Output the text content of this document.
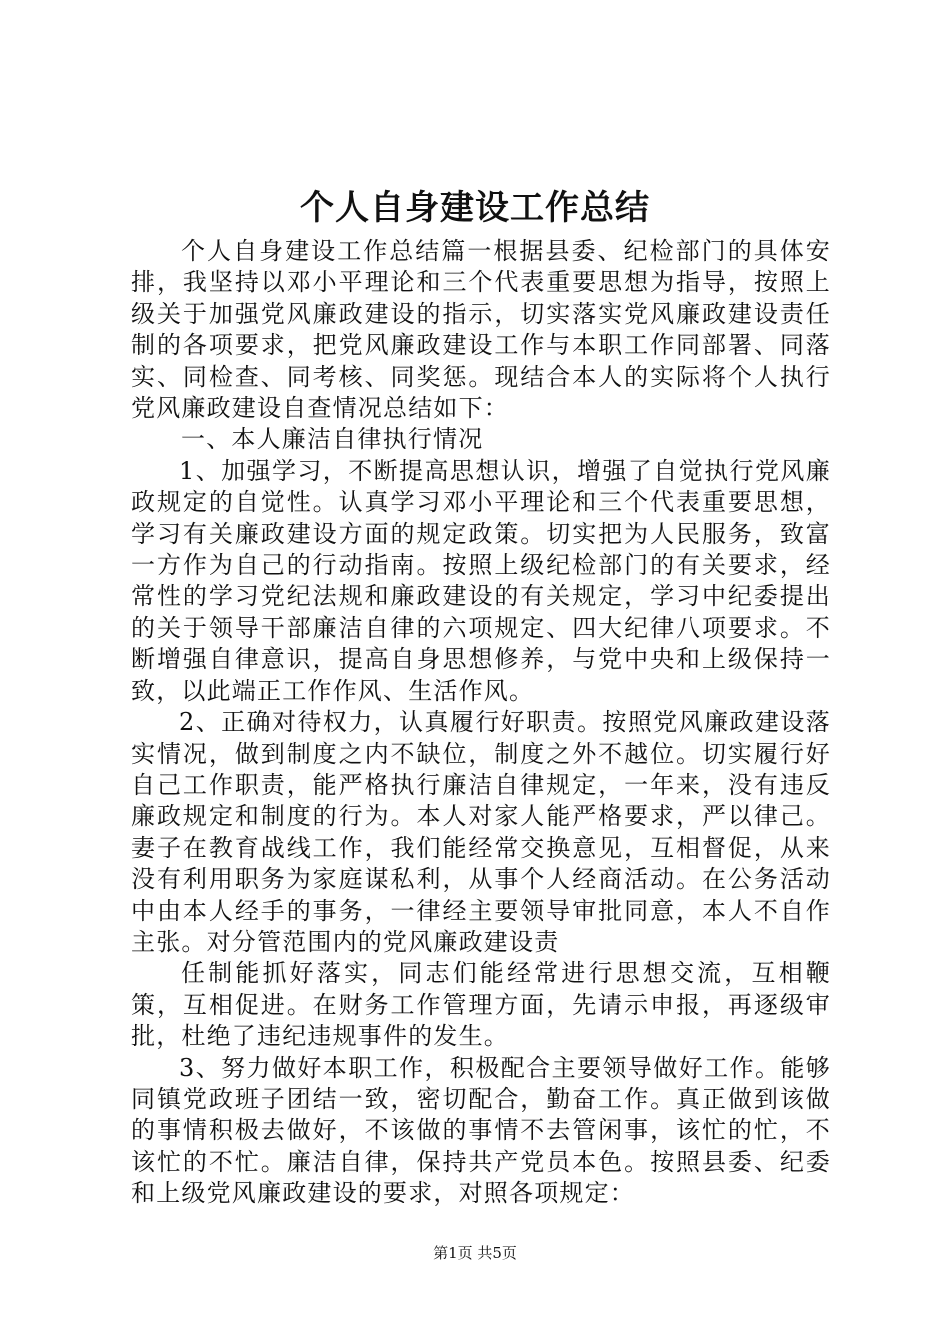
个人自身建设工作总结

个人自身建设工作总结篇一根据县委、纪检部门的具体安排，我坚持以邓小平理论和三个代表重要思想为指导，按照上级关于加强党风廉政建设的指示，切实落实党风廉政建设责任制的各项要求，把党风廉政建设工作与本职工作同部署、同落实、同检查、同考核、同奖惩。现结合本人的实际将个人执行党风廉政建设自查情况总结如下：

一、本人廉洁自律执行情况

1、加强学习，不断提高思想认识，增强了自觉执行党风廉政规定的自觉性。认真学习邓小平理论和三个代表重要思想，学习有关廉政建设方面的规定政策。切实把为人民服务，致富一方作为自己的行动指南。按照上级纪检部门的有关要求，经常性的学习党纪法规和廉政建设的有关规定，学习中纪委提出的关于领导干部廉洁自律的六项规定、四大纪律八项要求。不断增强自律意识，提高自身思想修养，与党中央和上级保持一致，以此端正工作作风、生活作风。

2、正确对待权力，认真履行好职责。按照党风廉政建设落实情况，做到制度之内不缺位，制度之外不越位。切实履行好自己工作职责，能严格执行廉洁自律规定，一年来，没有违反廉政规定和制度的行为。本人对家人能严格要求，严以律己。妻子在教育战线工作，我们能经常交换意见，互相督促，从来没有利用职务为家庭谋私利，从事个人经商活动。在公务活动中由本人经手的事务，一律经主要领导审批同意，本人不自作主张。对分管范围内的党风廉政建设责

任制能抓好落实，同志们能经常进行思想交流，互相鞭策，互相促进。在财务工作管理方面，先请示申报，再逐级审批，杜绝了违纪违规事件的发生。

3、努力做好本职工作，积极配合主要领导做好工作。能够同镇党政班子团结一致，密切配合，勤奋工作。真正做到该做的事情积极去做好，不该做的事情不去管闲事，该忙的忙，不该忙的不忙。廉洁自律，保持共产党员本色。按照县委、纪委和上级党风廉政建设的要求，对照各项规定：

第1页 共5页
